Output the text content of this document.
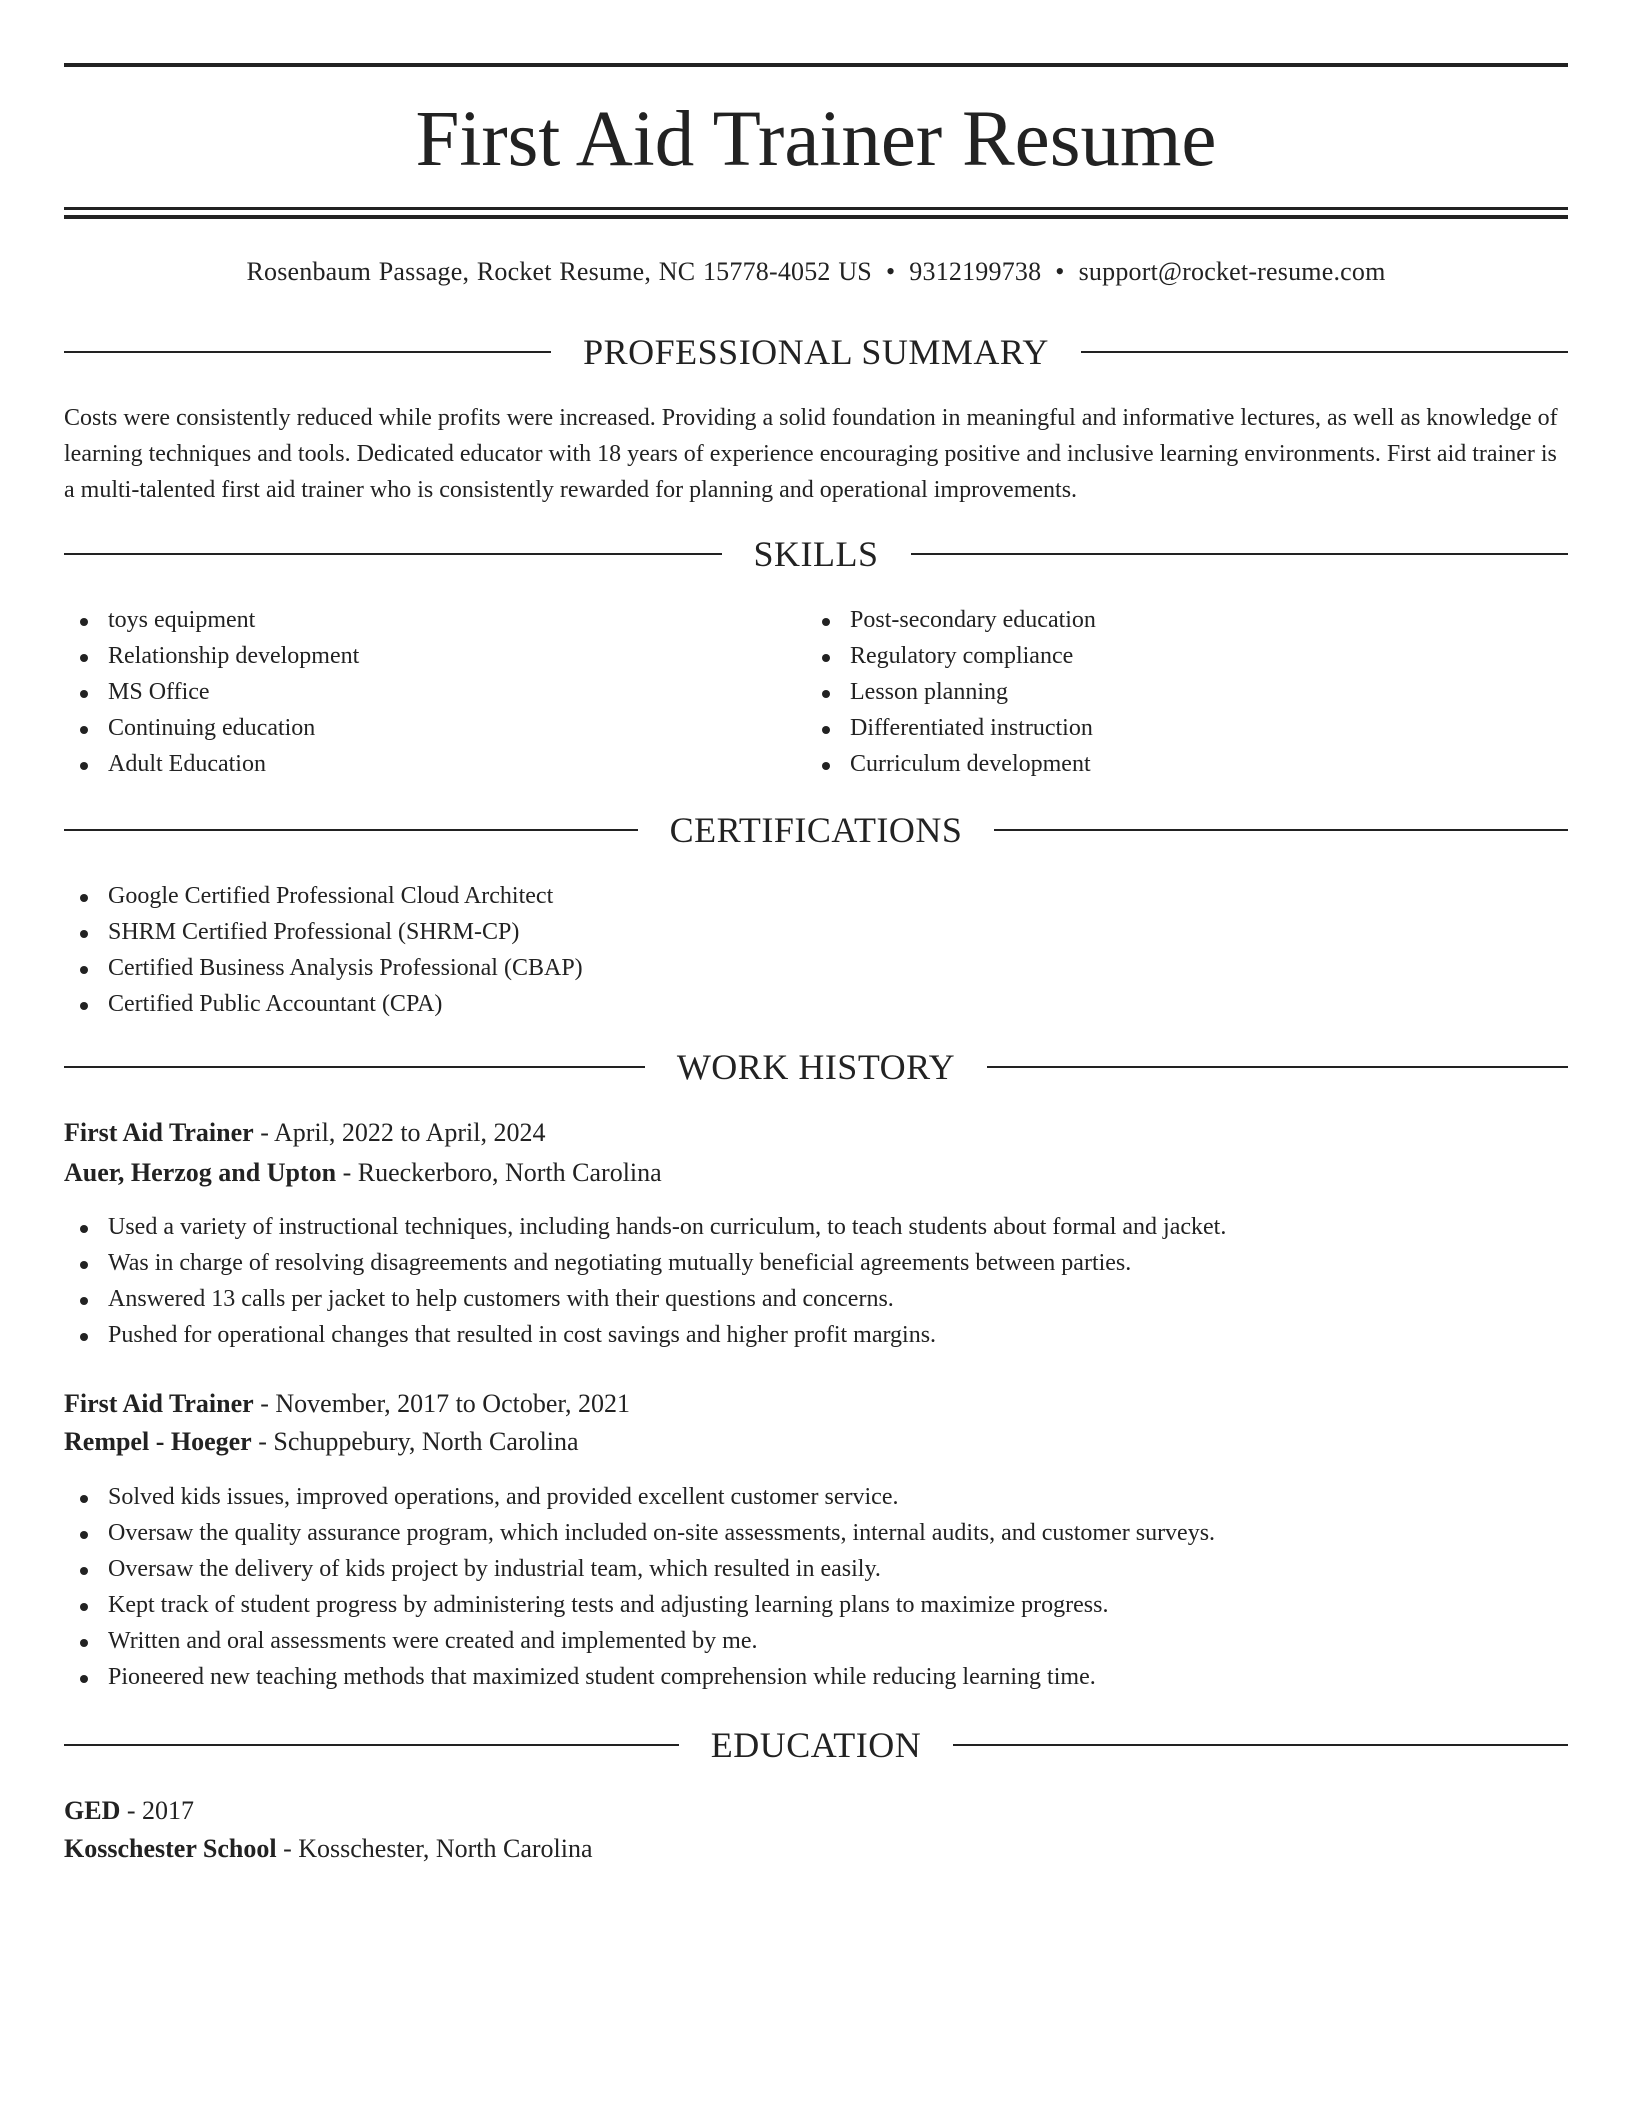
First Aid Trainer Resume
Rosenbaum Passage, Rocket Resume, NC 15778-4052 US • 9312199738 • support@rocket-resume.com
PROFESSIONAL SUMMARY

Costs were consistently reduced while profits were increased. Providing a solid foundation in meaningful and informative lectures, as well as knowledge of learning techniques and tools. Dedicated educator with 18 years of experience encouraging positive and inclusive learning environments. First aid trainer is a multi-talented first aid trainer who is consistently rewarded for planning and operational improvements.

SKILLS
toys equipment
Relationship development
MS Office
Continuing education
Adult Education
Post-secondary education
Regulatory compliance
Lesson planning
Differentiated instruction
Curriculum development
CERTIFICATIONS
Google Certified Professional Cloud Architect
SHRM Certified Professional (SHRM-CP)
Certified Business Analysis Professional (CBAP)
Certified Public Accountant (CPA)
WORK HISTORY
First Aid Trainer - April, 2022 to April, 2024
Auer, Herzog and Upton - Rueckerboro, North Carolina
Used a variety of instructional techniques, including hands-on curriculum, to teach students about formal and jacket.
Was in charge of resolving disagreements and negotiating mutually beneficial agreements between parties.
Answered 13 calls per jacket to help customers with their questions and concerns.
Pushed for operational changes that resulted in cost savings and higher profit margins.
First Aid Trainer - November, 2017 to October, 2021
Rempel - Hoeger - Schuppebury, North Carolina
Solved kids issues, improved operations, and provided excellent customer service.
Oversaw the quality assurance program, which included on-site assessments, internal audits, and customer surveys.
Oversaw the delivery of kids project by industrial team, which resulted in easily.
Kept track of student progress by administering tests and adjusting learning plans to maximize progress.
Written and oral assessments were created and implemented by me.
Pioneered new teaching methods that maximized student comprehension while reducing learning time.
EDUCATION
GED - 2017
Kosschester School - Kosschester, North Carolina
